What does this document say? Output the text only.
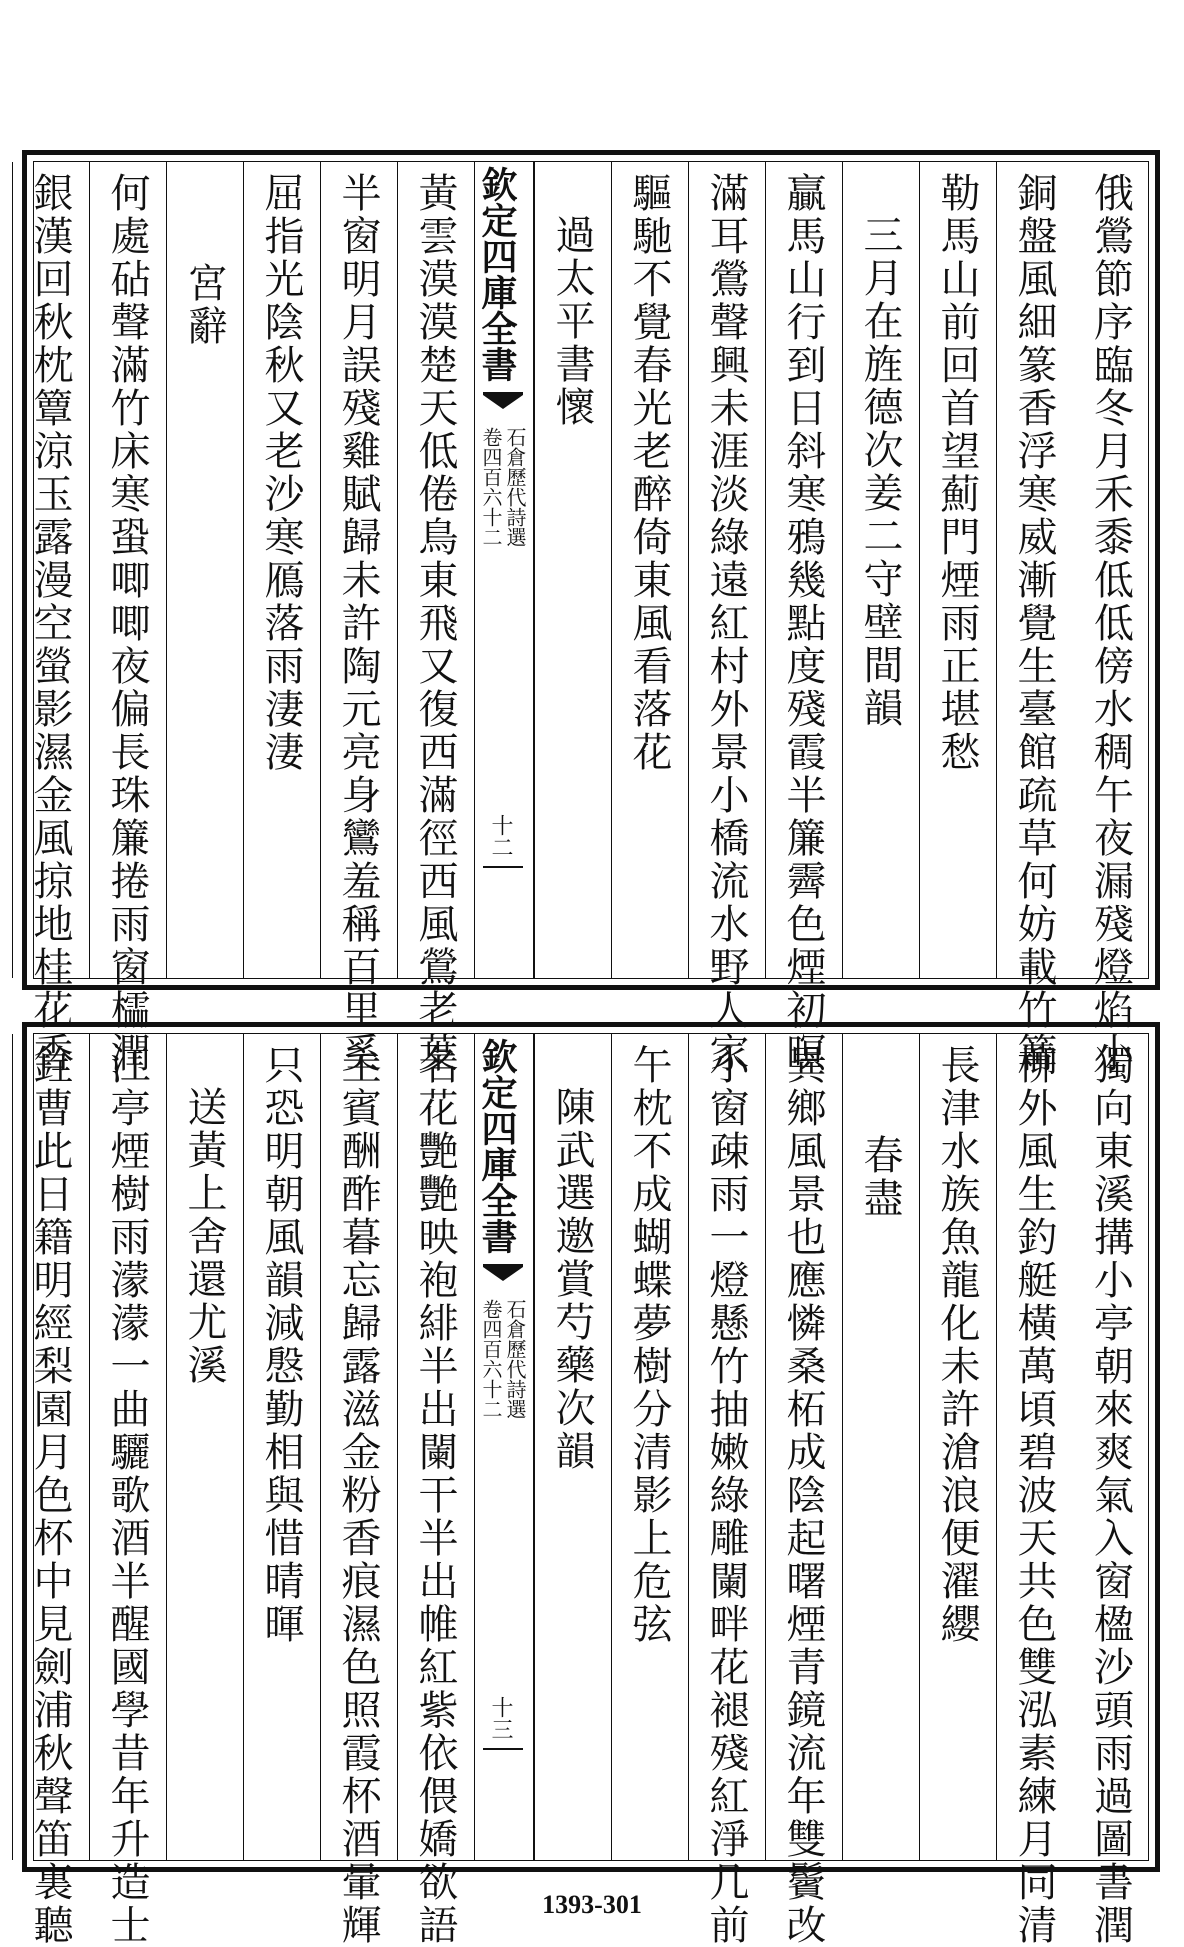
俄鶯節序臨冬月禾黍低低傍水稠午夜漏殘燈焰小
銅盤風細篆香浮寒威漸覺生臺館疏草何妨載竹篝
勒馬山前回首望薊門煙雨正堪愁
三月在旌德次姜二守壁間韻
贏馬山行到日斜寒鴉幾點度殘霞半簾霽色煙初暝
滿耳鶯聲興未涯淡綠遠紅村外景小橋流水野人家
驅馳不覺春光老醉倚東風看落花
過太平書懷
欽定四庫全書
石倉歷代詩選
卷四百六十二
十二
黃雲漠漠楚天低倦鳥東飛又復西滿徑西風鶯老葉
半窗明月誤殘雞賦歸未許陶元亮身鸞羞稱百里奚
屈指光陰秋又老沙寒鴈落雨淒淒
宮辭
何處砧聲滿竹床寒蛩唧唧夜偏長珠簾捲雨窗櫺潤
銀漢回秋枕簟涼玉露漫空螢影濕金風掠地桂花香
獨向東溪搆小亭朝來爽氣入窗楹沙頭雨過圖書潤
柳外風生釣艇橫萬頃碧波天共色雙泓素練月同清
長津水族魚龍化未許滄浪便濯纓
春盡
異鄉風景也應憐桑柘成陰起曙煙青鏡流年雙鬢改
小窗疎雨一燈懸竹抽嫩綠雕闌畔花褪殘紅淨几前
午枕不成蝴蝶夢樹分清影上危弦
陳武選邀賞芍藥次韻
欽定四庫全書
石倉歷代詩選
卷四百六十二
十三
名花艷艷映袍緋半出闌干半出帷紅紫依偎嬌欲語
主賓酬酢暮忘歸露滋金粉香痕濕色照霞杯酒暈輝
只恐明朝風韻減慇勤相與惜晴暉
送黃上舍還尤溪
江亭煙樹雨濛濛一曲驪歌酒半醒國學昔年升造士
銓曹此日籍明經梨園月色杯中見劍浦秋聲笛裏聽	1393-301
